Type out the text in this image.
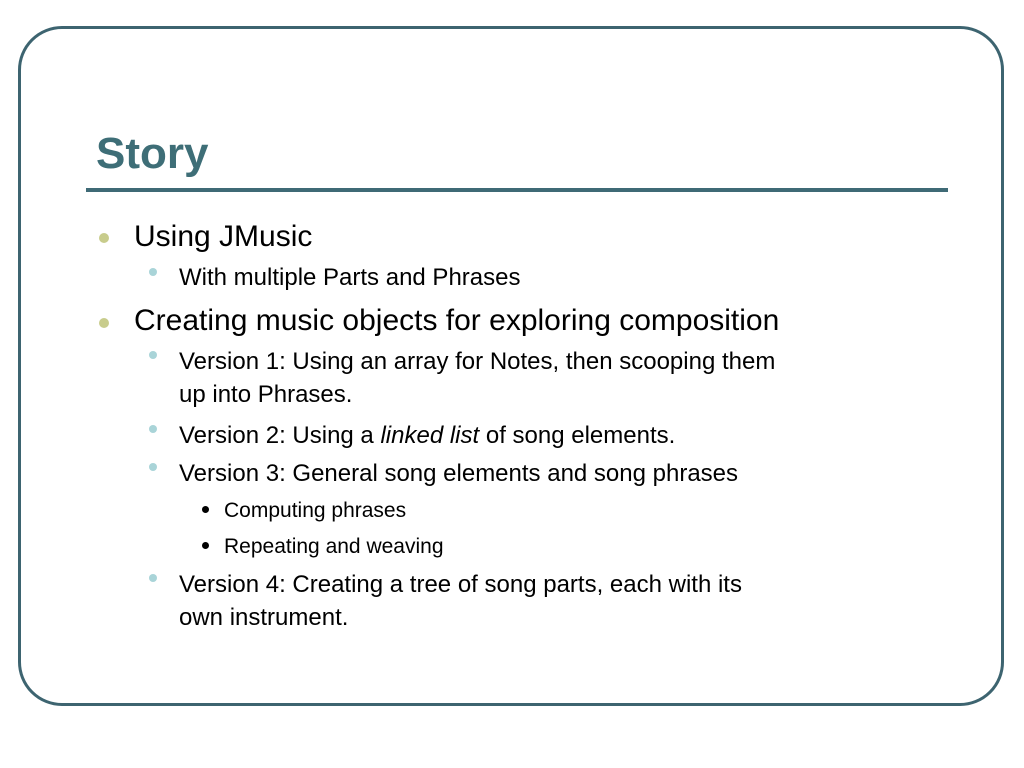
Story
Using JMusic
With multiple Parts and Phrases
Creating music objects for exploring composition
Version 1: Using an array for Notes, then scooping them
up into Phrases.
Version 2: Using a linked list of song elements.
Version 3: General song elements and song phrases
Computing phrases
Repeating and weaving
Version 4: Creating a tree of song parts, each with its
own instrument.
